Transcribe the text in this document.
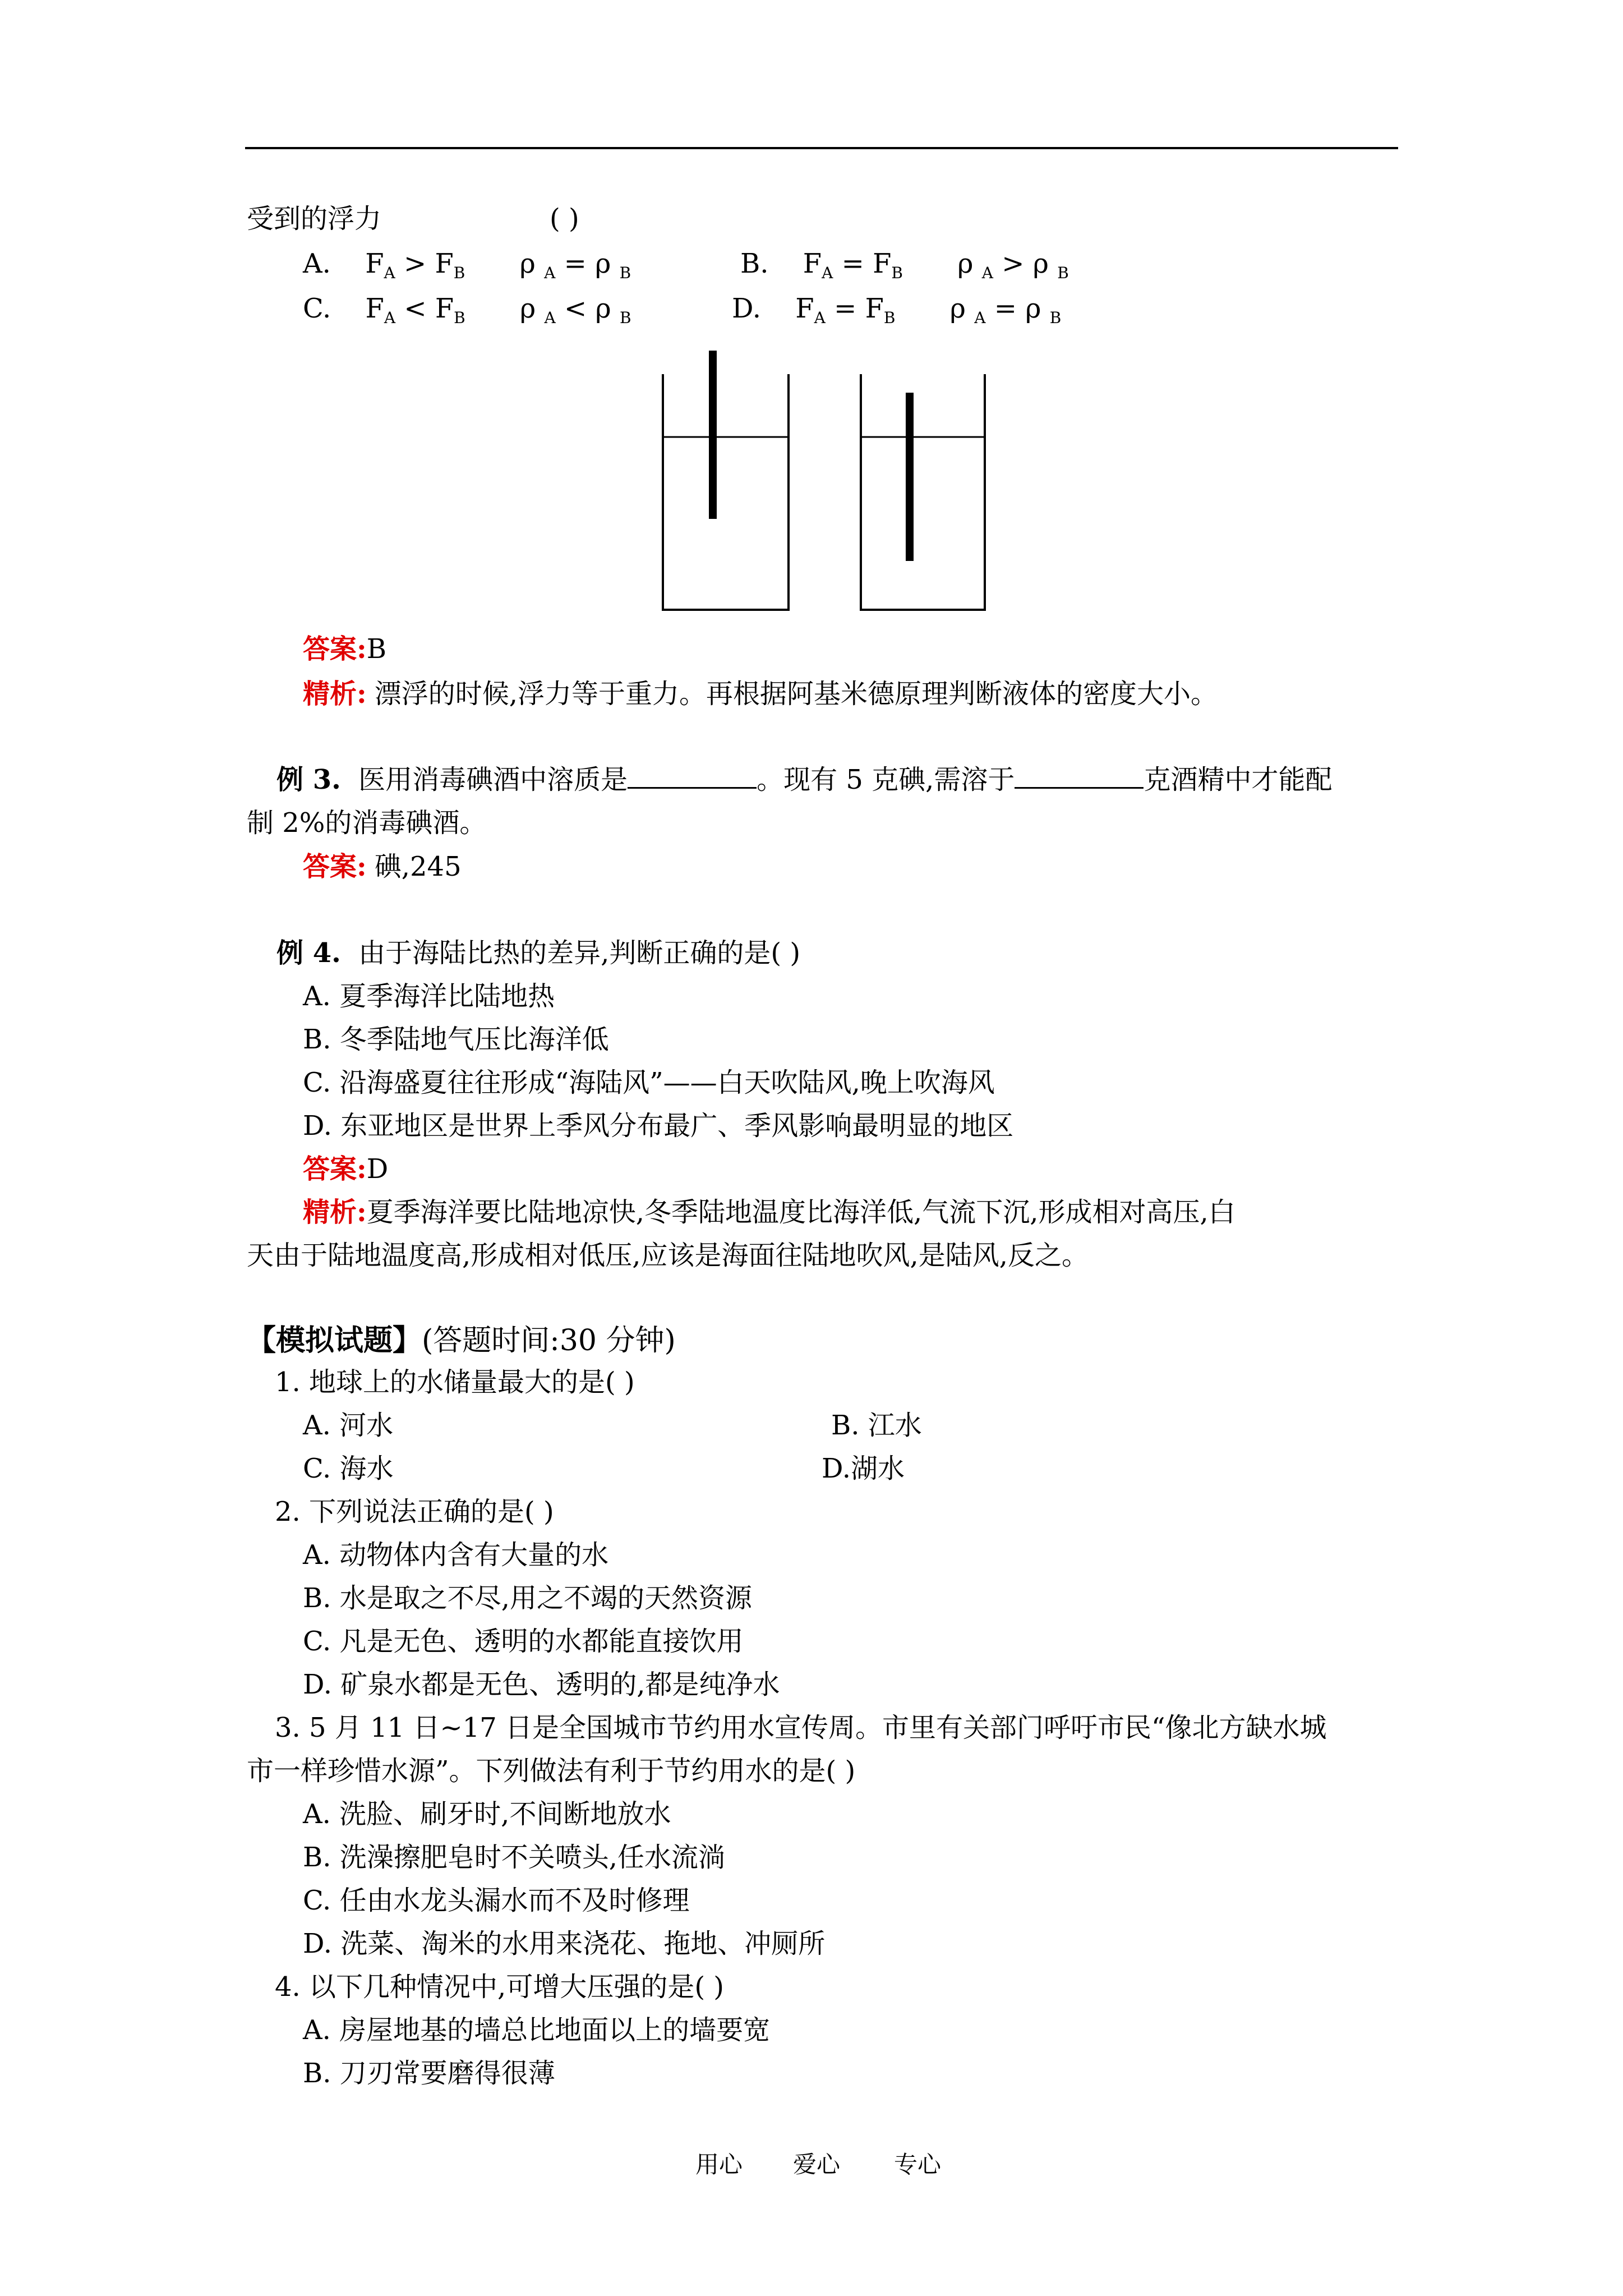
受到的浮力	( )
A. $F_A > F_B$ ρ $_A$ = ρ $_B$	B. $F_A = F_B$ ρ $_A$ > ρ $_B$
C. $F_A < F_B$ ρ $_A$ < ρ $_B$	D. $F_A = F_B$ ρ $_A$ = ρ $_B$
答案:B
精析: 漂浮的时候,浮力等于重力。再根据阿基米德原理判断液体的密度大小。
例 3. 医用消毒碘酒中溶质是	。现有 5 克碘,需溶于	克酒精中才能配
制 2%的消毒碘酒。
答案: 碘,245
例 4. 由于海陆比热的差异,判断正确的是( )
A. 夏季海洋比陆地热
B. 冬季陆地气压比海洋低
C. 沿海盛夏往往形成“海陆风”——白天吹陆风,晚上吹海风
D. 东亚地区是世界上季风分布最广、季风影响最明显的地区
答案:D
精析:夏季海洋要比陆地凉快,冬季陆地温度比海洋低,气流下沉,形成相对高压,白
天由于陆地温度高,形成相对低压,应该是海面往陆地吹风,是陆风,反之。
【模拟试题】(答题时间:30 分钟)
1. 地球上的水储量最大的是( )
A. 河水	B. 江水
C. 海水	D.湖水
2. 下列说法正确的是( )
A. 动物体内含有大量的水
B. 水是取之不尽,用之不竭的天然资源
C. 凡是无色、透明的水都能直接饮用
D. 矿泉水都是无色、透明的,都是纯净水
3. 5 月 11 日~17 日是全国城市节约用水宣传周。市里有关部门呼吁市民“像北方缺水城
市一样珍惜水源”。下列做法有利于节约用水的是( )
A. 洗脸、刷牙时,不间断地放水
B. 洗澡擦肥皂时不关喷头,任水流淌
C. 任由水龙头漏水而不及时修理
D. 洗菜、淘米的水用来浇花、拖地、冲厕所
4. 以下几种情况中,可增大压强的是( )
A. 房屋地基的墙总比地面以上的墙要宽
B. 刀刃常要磨得很薄
用心 爱心 专心
